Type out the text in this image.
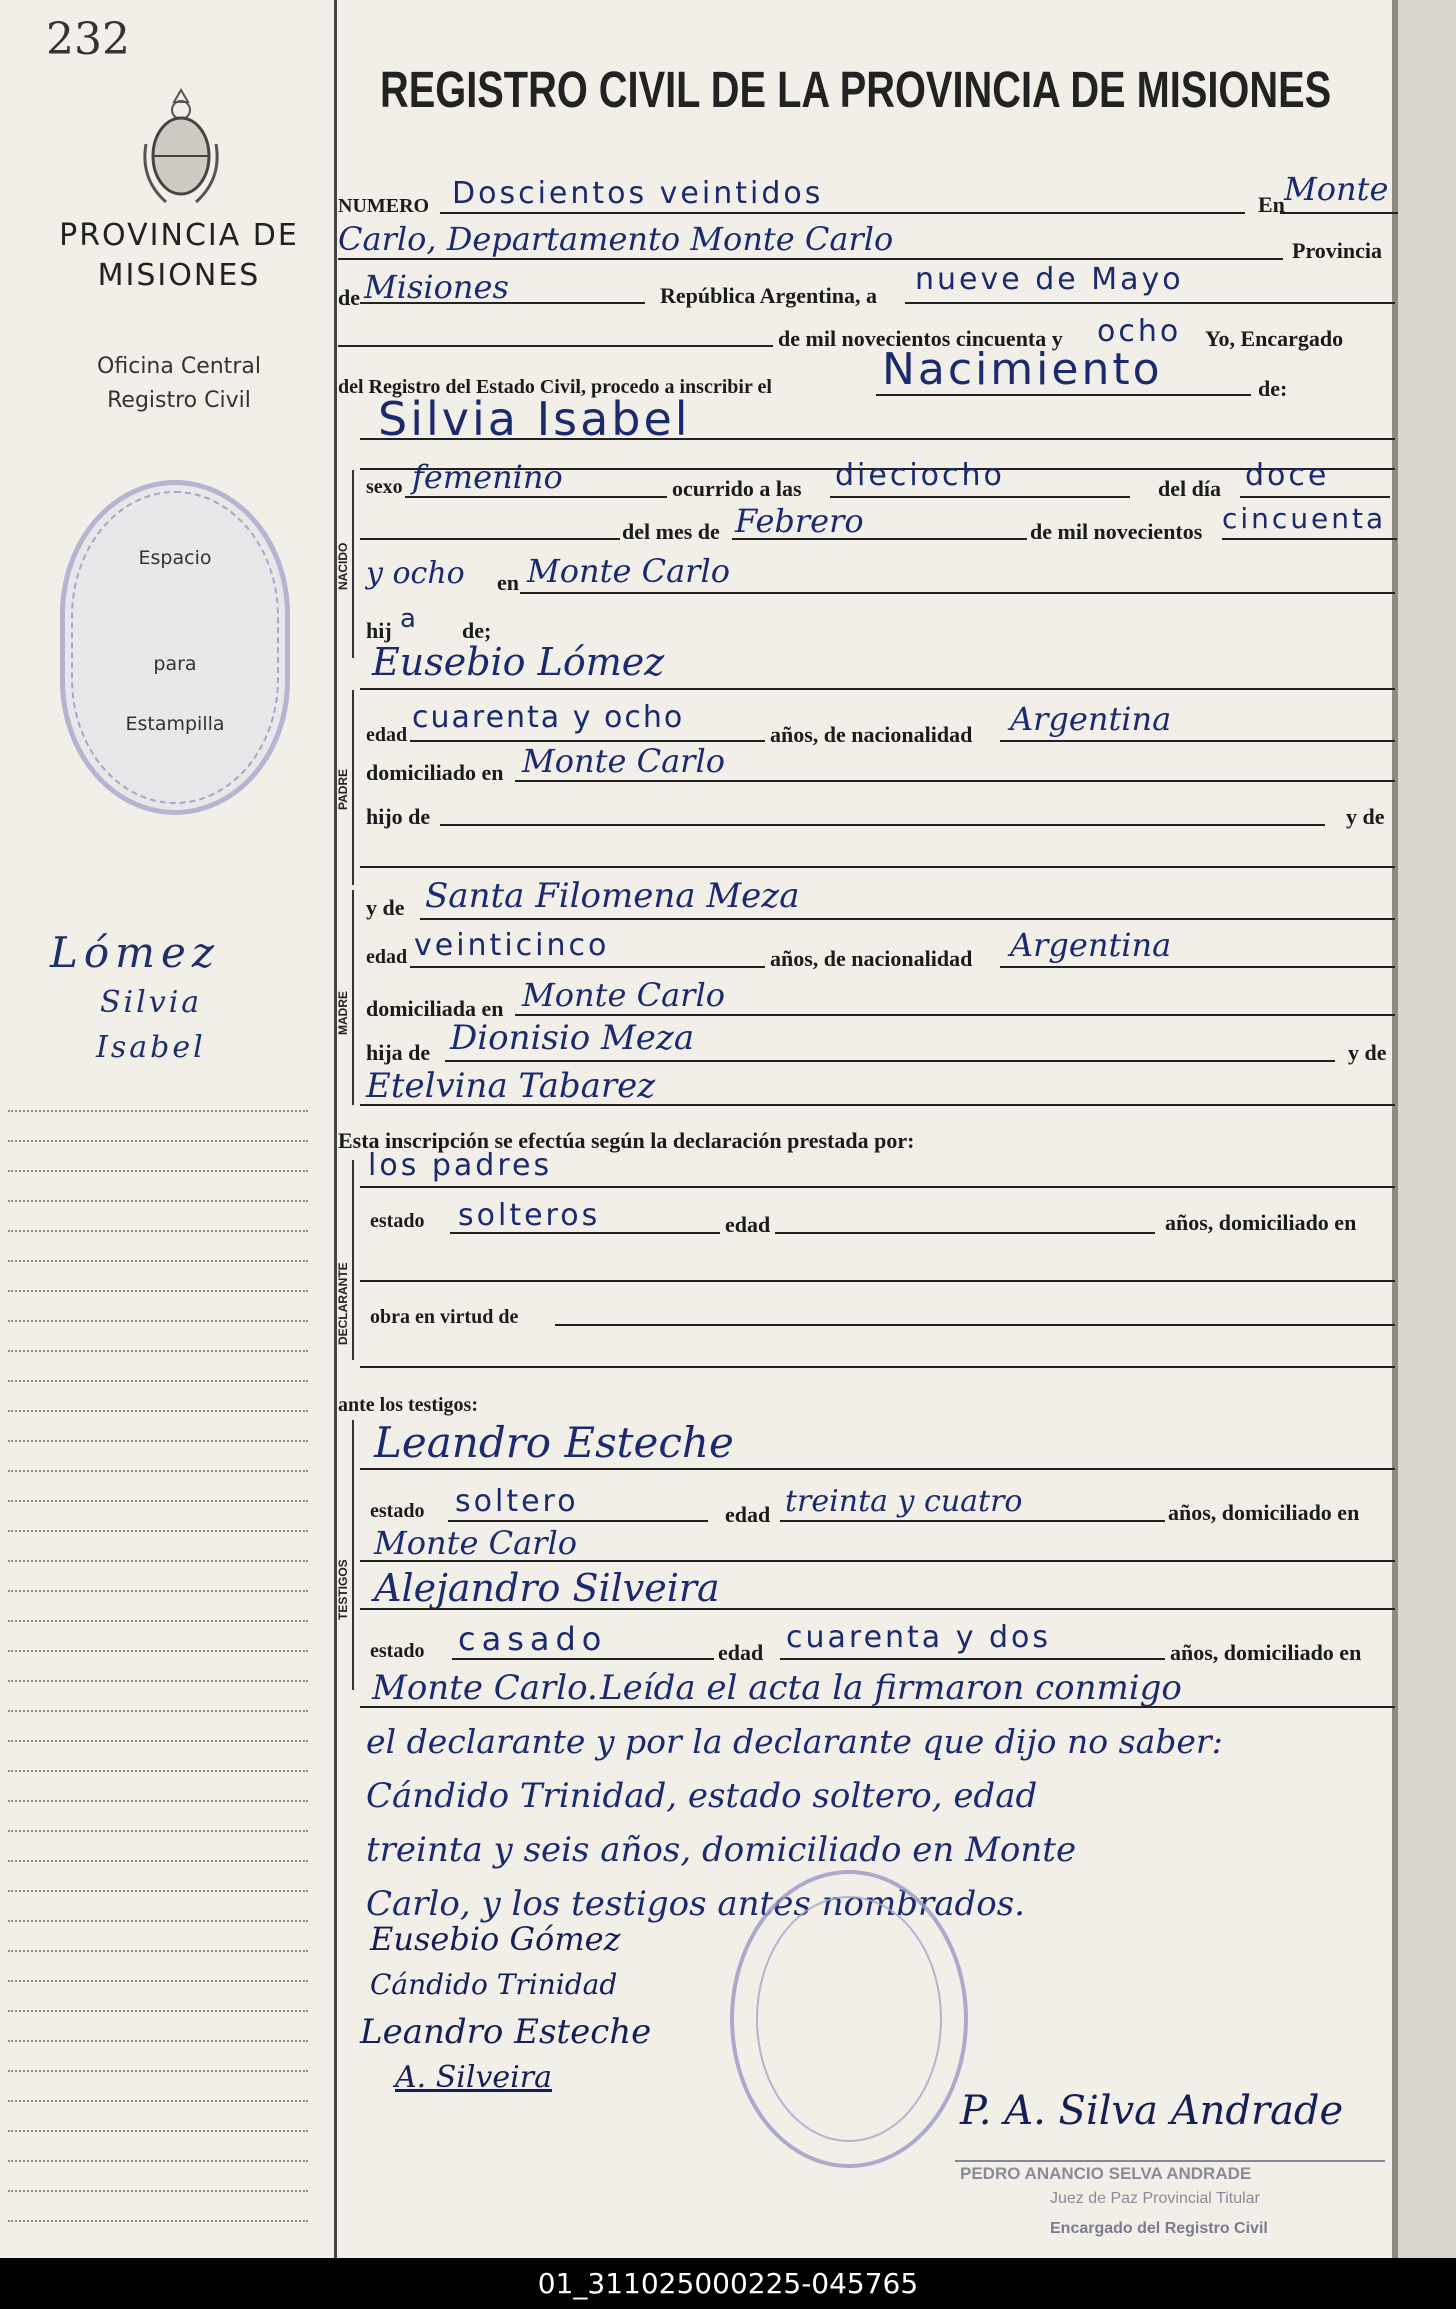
232
PROVINCIA DE
MISIONES
Oficina Central
Registro Civil
Espacio
para
Estampilla
Lómez
Silvia
Isabel
REGISTRO CIVIL DE LA PROVINCIA DE MISIONES
NUMERO Doscientos veintidos	En Monte
Carlo, Departamento Monte Carlo	Provincia
de Misiones	República Argentina, a nueve de Mayo
de mil novecientos cincuenta y ocho Yo, Encargado
del Registro del Estado Civil, procedo a inscribir el	Nacimiento	de:
NACIDO
Silvia Isabel
sexo femenino	ocurrido a las dieciocho	del día doce
del mes de Febrero	de mil novecientos cincuenta
y ocho en Monte Carlo
hij a de;
PADRE
Eusebio Lómez
edad cuarenta y ocho	años, de nacionalidad Argentina
domiciliado en Monte Carlo
hijo de	y de
MADRE
y de Santa Filomena Meza
edad veinticinco	años, de nacionalidad Argentina
domiciliada en Monte Carlo
hija de Dionisio Meza	y de
Etelvina Tabarez
Esta inscripción se efectúa según la declaración prestada por:
DECLARANTE
los padres
estado solteros	edad	años, domiciliado en
obra en virtud de
ante los testigos:
TESTIGOS
Leandro Esteche
estado soltero	edad treinta y cuatro	años, domiciliado en
Monte Carlo
Alejandro Silveira
estado casado	edad cuarenta y dos	años, domiciliado en
Monte Carlo. Leída el acta la firmaron conmigo
el declarante y por la declarante que dijo no saber:
Cándido Trinidad, estado soltero, edad
treinta y seis años, domiciliado en Monte
Carlo, y los testigos antes nombrados.
Eusebio Gómez
Cándido Trinidad
Leandro Esteche
A. Silveira
P. A. Silva Andrade
PEDRO ANANCIO SELVA ANDRADE
Juez de Paz Provincial Titular
Encargado del Registro Civil
01_311025000225-045765
